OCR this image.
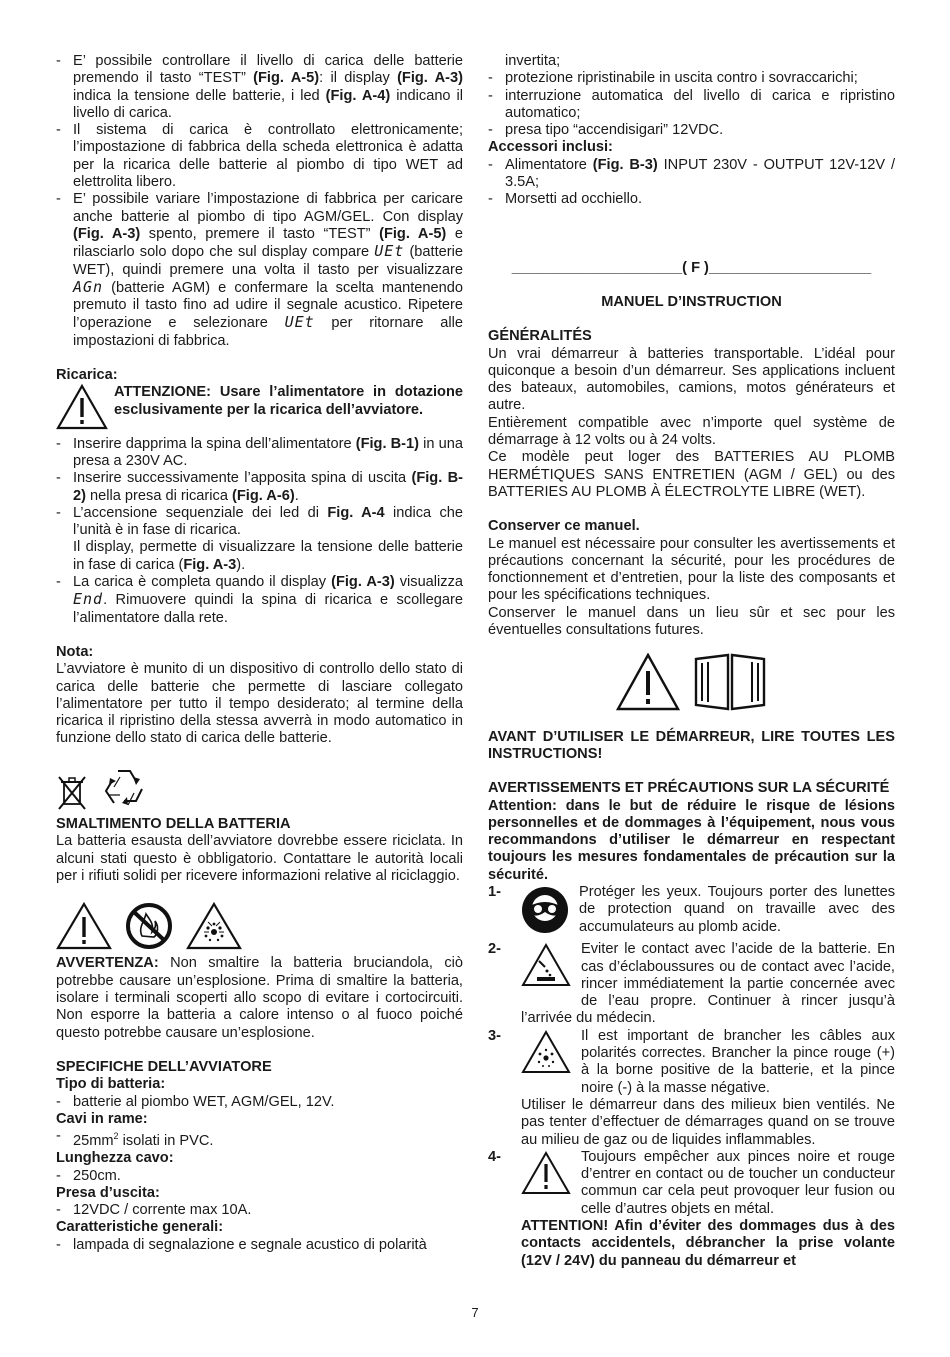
- E’ possibile controllare il livello di carica delle batterie premendo il tasto “TEST” (Fig. A-5): il display (Fig. A-3) indica la tensione delle batterie, i led (Fig. A-4) indicano il livello di carica.

- Il sistema di carica è controllato elettronicamente; l’impostazione di fabbrica della scheda elettronica è adatta per la ricarica delle batterie al piombo di tipo WET ad elettrolita libero.

- E’ possibile variare l’impostazione di fabbrica per caricare anche batterie al piombo di tipo AGM/GEL. Con display (Fig. A-3) spento, premere il tasto “TEST” (Fig. A-5) e rilasciarlo solo dopo che sul display compare UEt (batterie WET), quindi premere una volta il tasto per visualizzare AGn (batterie AGM) e confermare la scelta mantenendo premuto il tasto fino ad udire il segnale acustico. Ripetere l’operazione e selezionare UEt per ritornare alle impostazioni di fabbrica.

Ricarica:

ATTENZIONE: Usare l’alimentatore in dotazione esclusivamente per la ricarica dell’avviatore.

- Inserire dapprima la spina dell’alimentatore (Fig. B-1) in una presa a 230V AC.

- Inserire successivamente l’apposita spina di uscita (Fig. B-2) nella presa di ricarica (Fig. A-6).

- L’accensione sequenziale dei led di Fig. A-4 indica che l’unità è in fase di ricarica.

Il display, permette di visualizzare la tensione delle batterie in fase di carica (Fig. A-3).

- La carica è completa quando il display (Fig. A-3) visualizza End. Rimuovere quindi la spina di ricarica e scollegare l’alimentatore dalla rete.

Nota:

L’avviatore è munito di un dispositivo di controllo dello stato di carica delle batterie che permette di lasciare collegato l’alimentatore per tutto il tempo desiderato; al termine della ricarica il ripristino della stessa avverrà in modo automatico in funzione dello stato di carica delle batterie.

SMALTIMENTO DELLA BATTERIA

La batteria esausta dell’avviatore dovrebbe essere riciclata. In alcuni stati questo è obbligatorio. Contattare le autorità locali per i rifiuti solidi per ricevere informazioni relative al riciclaggio.

AVVERTENZA: Non smaltire la batteria bruciandola, ciò potrebbe causare un’esplosione. Prima di smaltire la batteria, isolare i terminali scoperti allo scopo di evitare i cortocircuiti. Non esporre la batteria a calore intenso o al fuoco poiché questo potrebbe causare un’esplosione.

SPECIFICHE DELL’AVVIATORE

Tipo di batteria:

- batterie al piombo WET, AGM/GEL, 12V.

Cavi in rame:

- $25mm^2$ isolati in PVC.

Lunghezza cavo:

- 250cm.

Presa d’uscita:

- 12VDC / corrente max 10A.

Caratteristiche generali:

- lampada di segnalazione e segnale acustico di polarità

invertita;

- protezione ripristinabile in uscita contro i sovraccarichi;

- interruzione automatica del livello di carica e ripristino automatico;

- presa tipo “accendisigari” 12VDC.

Accessori inclusi:

- Alimentatore (Fig. B-3) INPUT 230V - OUTPUT 12V-12V / 3.5A;

- Morsetti ad occhiello.

_____________________( F )____________________

MANUEL D’INSTRUCTION

GÉNÉRALITÉS

Un vrai démarreur à batteries transportable. L’idéal pour quiconque a besoin d’un démarreur. Ses applications incluent des bateaux, automobiles, camions, motos générateurs et autre.

Entièrement compatible avec n’importe quel système de démarrage à 12 volts ou à 24 volts.

Ce modèle peut loger des BATTERIES AU PLOMB HERMÉTIQUES SANS ENTRETIEN (AGM / GEL) ou des BATTERIES AU PLOMB À ÉLECTROLYTE LIBRE (WET).

Conserver ce manuel.

Le manuel est nécessaire pour consulter les avertissements et précautions concernant la sécurité, pour les procédures de fonctionnement et d’entretien, pour la liste des composants et pour les spécifications techniques.

Conserver le manuel dans un lieu sûr et sec pour les éventuelles consultations futures.

AVANT D’UTILISER LE DÉMARREUR, LIRE TOUTES LES INSTRUCTIONS!

AVERTISSEMENTS ET PRÉCAUTIONS SUR LA SÉCURITÉ

Attention: dans le but de réduire le risque de lésions personnelles et de dommages à l’équipement, nous vous recommandons d’utiliser le démarreur en respectant toujours les mesures fondamentales de précaution sur la sécurité.

1-	Protéger les yeux. Toujours porter des lunettes de protection quand on travaille avec des accumulateurs au plomb acide.

2-	Eviter le contact avec l’acide de la batterie. En cas d’éclaboussures ou de contact avec l’acide, rincer immédiatement la partie concernée avec de l’eau propre. Continuer à rincer jusqu’à l’arrivée du médecin.

3-	Il est important de brancher les câbles aux polarités correctes. Brancher la pince rouge (+) à la borne positive de la batterie, et la pince noire (-) à la masse négative.

Utiliser le démarreur dans des milieux bien ventilés. Ne pas tenter d’effectuer de démarrages quand on se trouve au milieu de gaz ou de liquides inflammables.

4-	Toujours empêcher aux pinces noire et rouge d’entrer en contact ou de toucher un conducteur commun car cela peut provoquer leur fusion ou celle d’autres objets en métal.

ATTENTION! Afin d’éviter des dommages dus à des contacts accidentels, débrancher la prise volante (12V / 24V) du panneau du démarreur et

7
